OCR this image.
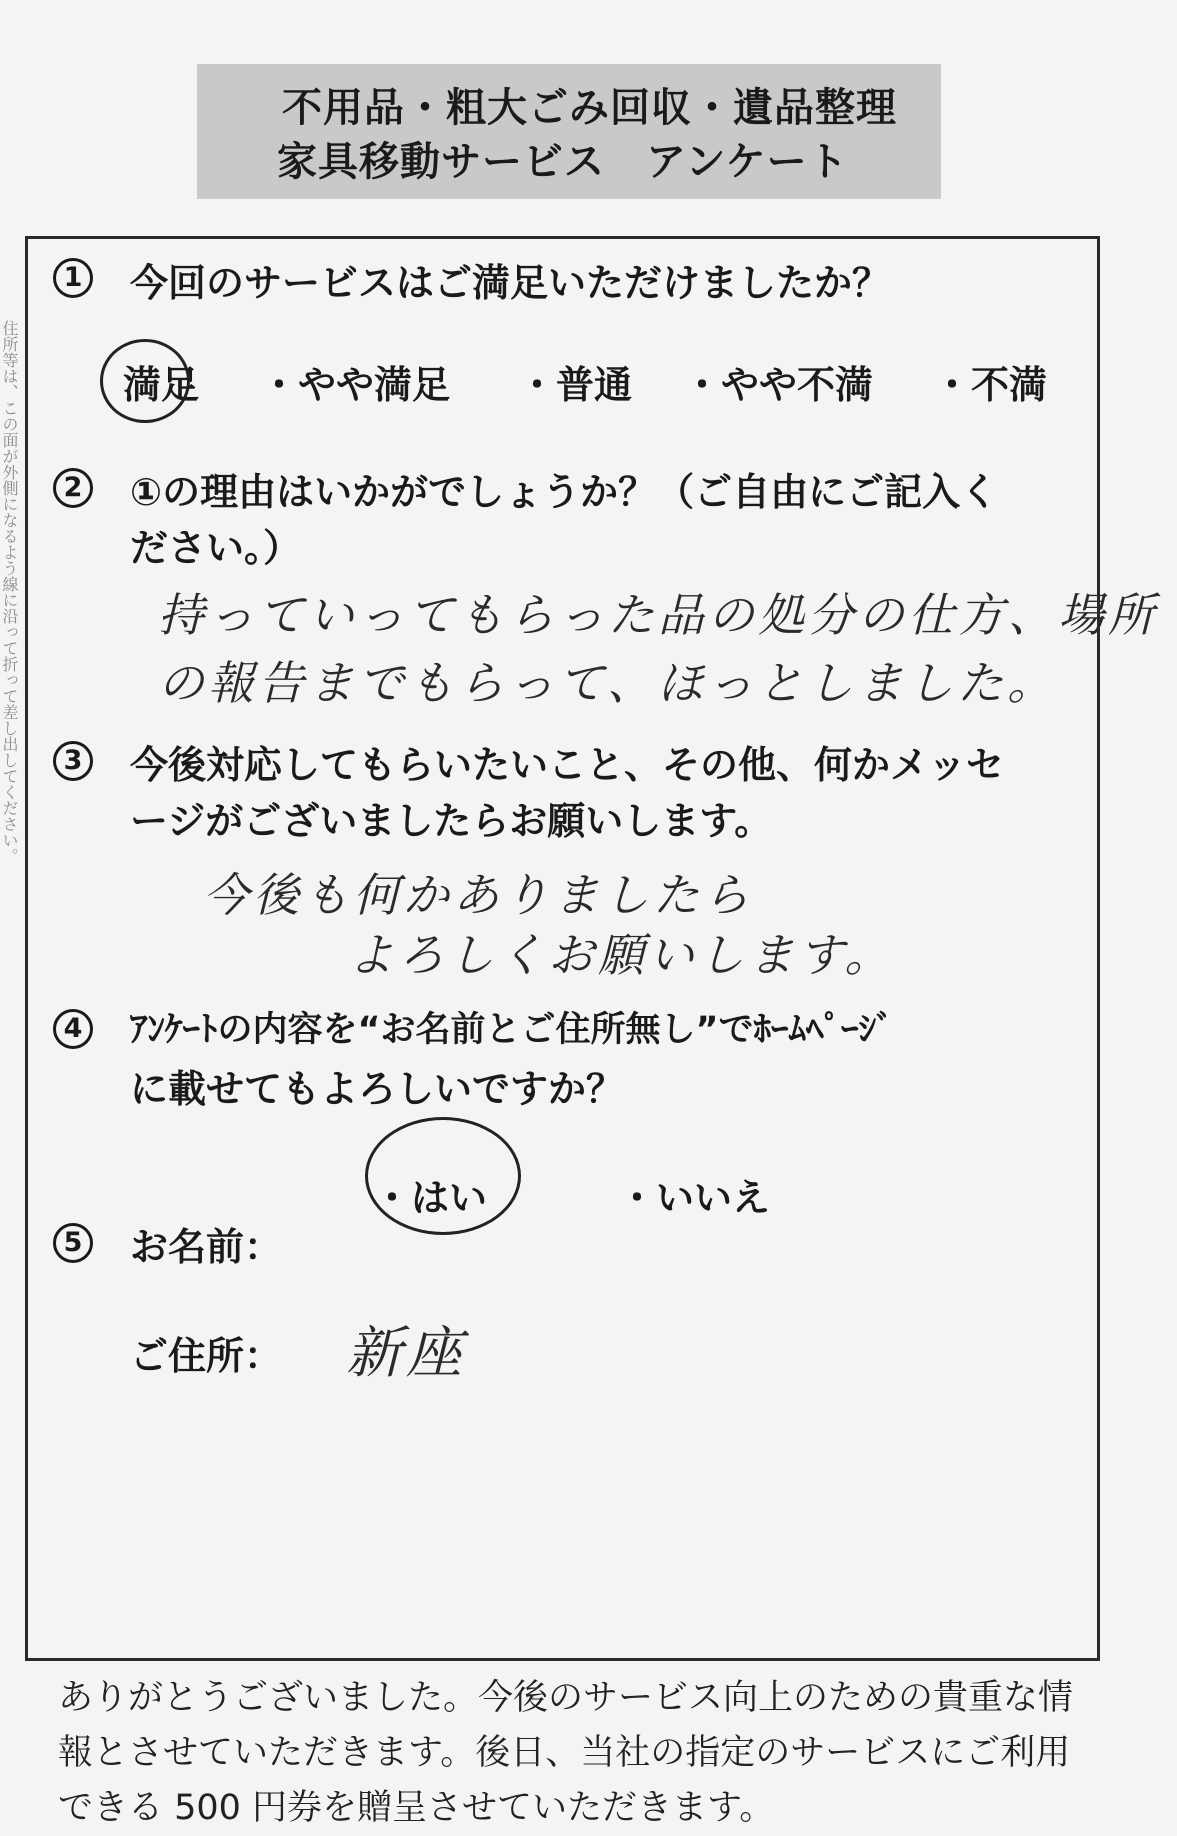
住所等は、この面が外側になるよう線に沿って折って差し出してください。
不用品・粗大ごみ回収・遺品整理
家具移動サービス　アンケート
1 今回のサービスはご満足いただけましたか？
満足 ・やや満足 ・普通 ・やや不満 ・不満
2 ①の理由はいかがでしょうか？（ご自由にご記入く
ださい。）
持っていってもらった品の処分の仕方、場所
の報告までもらって、ほっとしました。
3 今後対応してもらいたいこと、その他、何かメッセ
ージがございましたらお願いします。
今後も何かありましたら
よろしくお願いします。
4	ｱﾝｹｰﾄの内容を“お名前とご住所無し”でﾎｰﾑﾍﾟｰｼﾞ
に載せてもよろしいですか？
・はい	・いいえ
5 お名前：
ご住所： 新座
ありがとうございました。今後のサービス向上のための貴重な情報とさせていただきます。後日、当社の指定のサービスにご利用できる 500 円券を贈呈させていただきます。
